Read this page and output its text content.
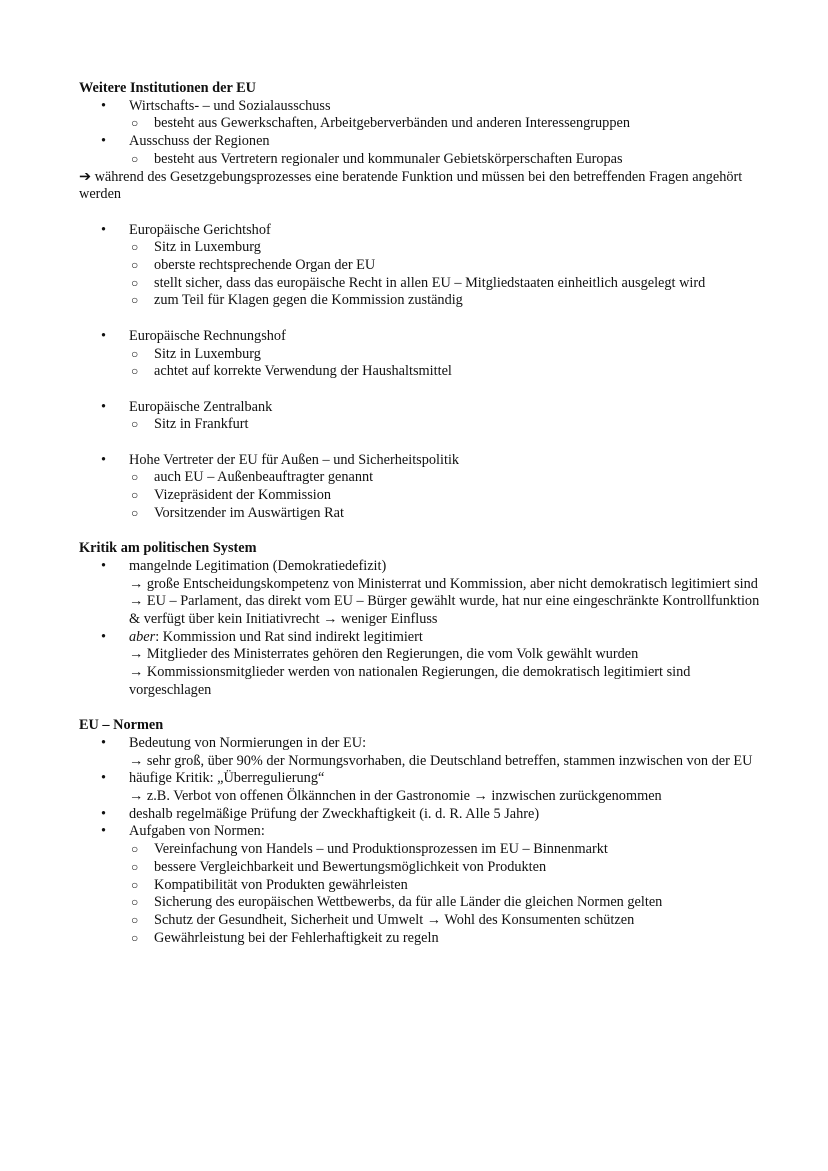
Weitere Institutionen der EU

• Wirtschafts- – und Sozialausschuss
○ besteht aus Gewerkschaften, Arbeitgeberverbänden und anderen Interessengruppen
• Ausschuss der Regionen
○ besteht aus Vertretern regionaler und kommunaler Gebietskörperschaften Europas

➔ während des Gesetzgebungsprozesses eine beratende Funktion und müssen bei den betreffenden Fragen angehört werden

• Europäische Gerichtshof
○ Sitz in Luxemburg
○ oberste rechtsprechende Organ der EU
○ stellt sicher, dass das europäische Recht in allen EU – Mitgliedstaaten einheitlich ausgelegt wird
○ zum Teil für Klagen gegen die Kommission zuständig
• Europäische Rechnungshof
○ Sitz in Luxemburg
○ achtet auf korrekte Verwendung der Haushaltsmittel
• Europäische Zentralbank
○ Sitz in Frankfurt
• Hohe Vertreter der EU für Außen – und Sicherheitspolitik
○ auch EU – Außenbeauftragter genannt
○ Vizepräsident der Kommission
○ Vorsitzender im Auswärtigen Rat

Kritik am politischen System

• mangelnde Legitimation (Demokratiedefizit)
→ große Entscheidungskompetenz von Ministerrat und Kommission, aber nicht demokratisch legitimiert sind
→ EU – Parlament, das direkt vom EU – Bürger gewählt wurde, hat nur eine eingeschränkte Kontrollfunktion & verfügt über kein Initiativrecht → weniger Einfluss
• aber: Kommission und Rat sind indirekt legitimiert
→ Mitglieder des Ministerrates gehören den Regierungen, die vom Volk gewählt wurden

→ Kommissionsmitglieder werden von nationalen Regierungen, die demokratisch legitimiert sind vorgeschlagen

EU – Normen

• Bedeutung von Normierungen in der EU:
→ sehr groß, über 90% der Normungsvorhaben, die Deutschland betreffen, stammen inzwischen von der EU
• häufige Kritik: „Überregulierung“
→ z.B. Verbot von offenen Ölkännchen in der Gastronomie → inzwischen zurückgenommen
• deshalb regelmäßige Prüfung der Zweckhaftigkeit (i. d. R. Alle 5 Jahre)
• Aufgaben von Normen:
○ Vereinfachung von Handels – und Produktionsprozessen im EU – Binnenmarkt
○ bessere Vergleichbarkeit und Bewertungsmöglichkeit von Produkten
○ Kompatibilität von Produkten gewährleisten
○ Sicherung des europäischen Wettbewerbs, da für alle Länder die gleichen Normen gelten
○ Schutz der Gesundheit, Sicherheit und Umwelt → Wohl des Konsumenten schützen
○ Gewährleistung bei der Fehlerhaftigkeit zu regeln
